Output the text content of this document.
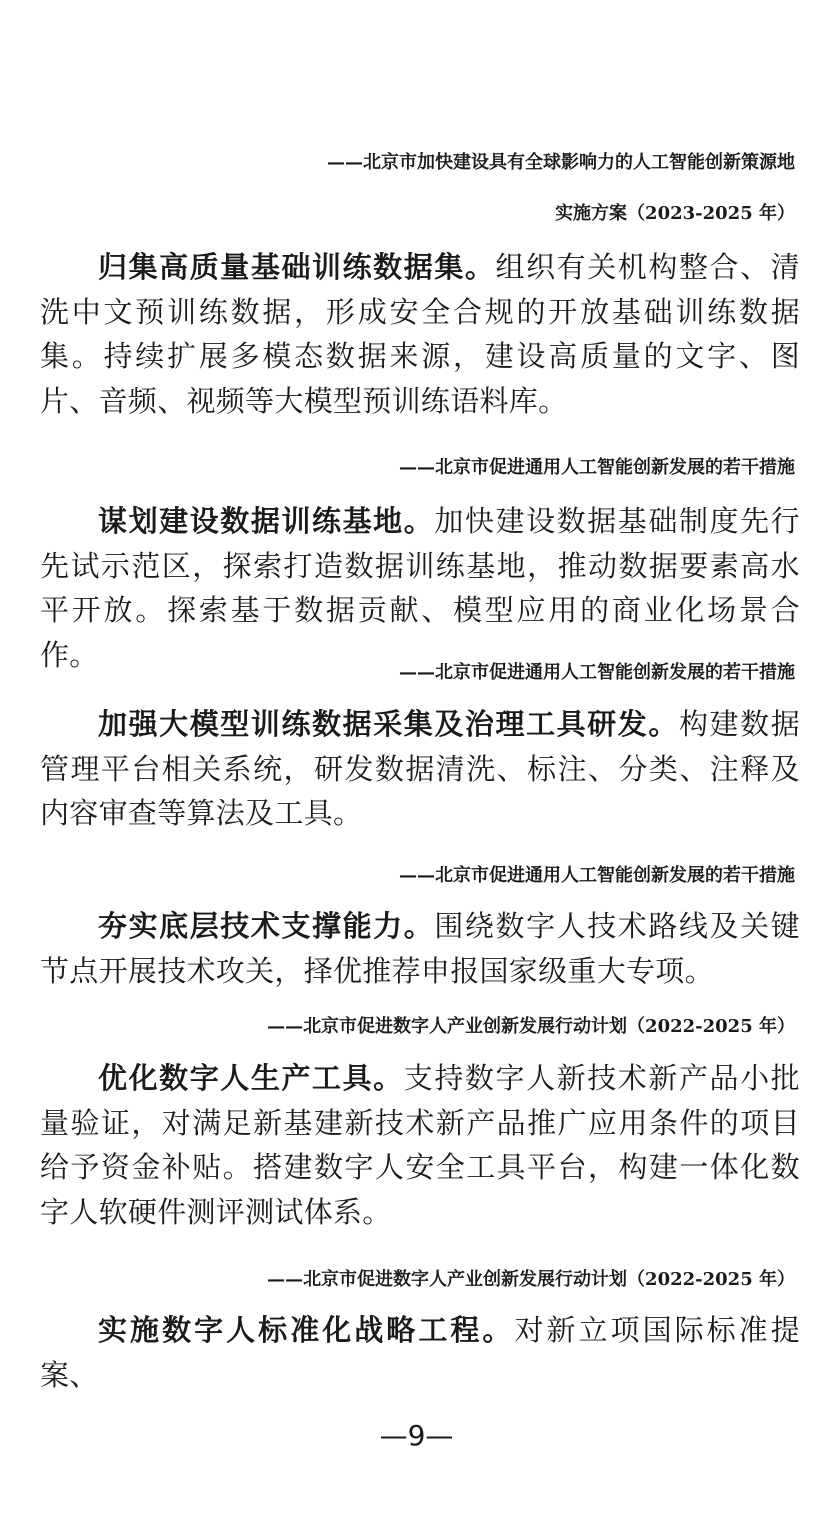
——北京市加快建设具有全球影响力的人工智能创新策源地
实施方案（2023-2025 年）

归集高质量基础训练数据集。组织有关机构整合、清洗中文预训练数据，形成安全合规的开放基础训练数据集。持续扩展多模态数据来源，建设高质量的文字、图片、音频、视频等大模型预训练语料库。

——北京市促进通用人工智能创新发展的若干措施

谋划建设数据训练基地。加快建设数据基础制度先行先试示范区，探索打造数据训练基地，推动数据要素高水平开放。探索基于数据贡献、模型应用的商业化场景合作。

——北京市促进通用人工智能创新发展的若干措施

加强大模型训练数据采集及治理工具研发。构建数据管理平台相关系统，研发数据清洗、标注、分类、注释及内容审查等算法及工具。

——北京市促进通用人工智能创新发展的若干措施

夯实底层技术支撑能力。围绕数字人技术路线及关键节点开展技术攻关，择优推荐申报国家级重大专项。

——北京市促进数字人产业创新发展行动计划（2022-2025 年）

优化数字人生产工具。支持数字人新技术新产品小批量验证，对满足新基建新技术新产品推广应用条件的项目给予资金补贴。搭建数字人安全工具平台，构建一体化数字人软硬件测评测试体系。

——北京市促进数字人产业创新发展行动计划（2022-2025 年）

实施数字人标准化战略工程。对新立项国际标准提案、

—9—
